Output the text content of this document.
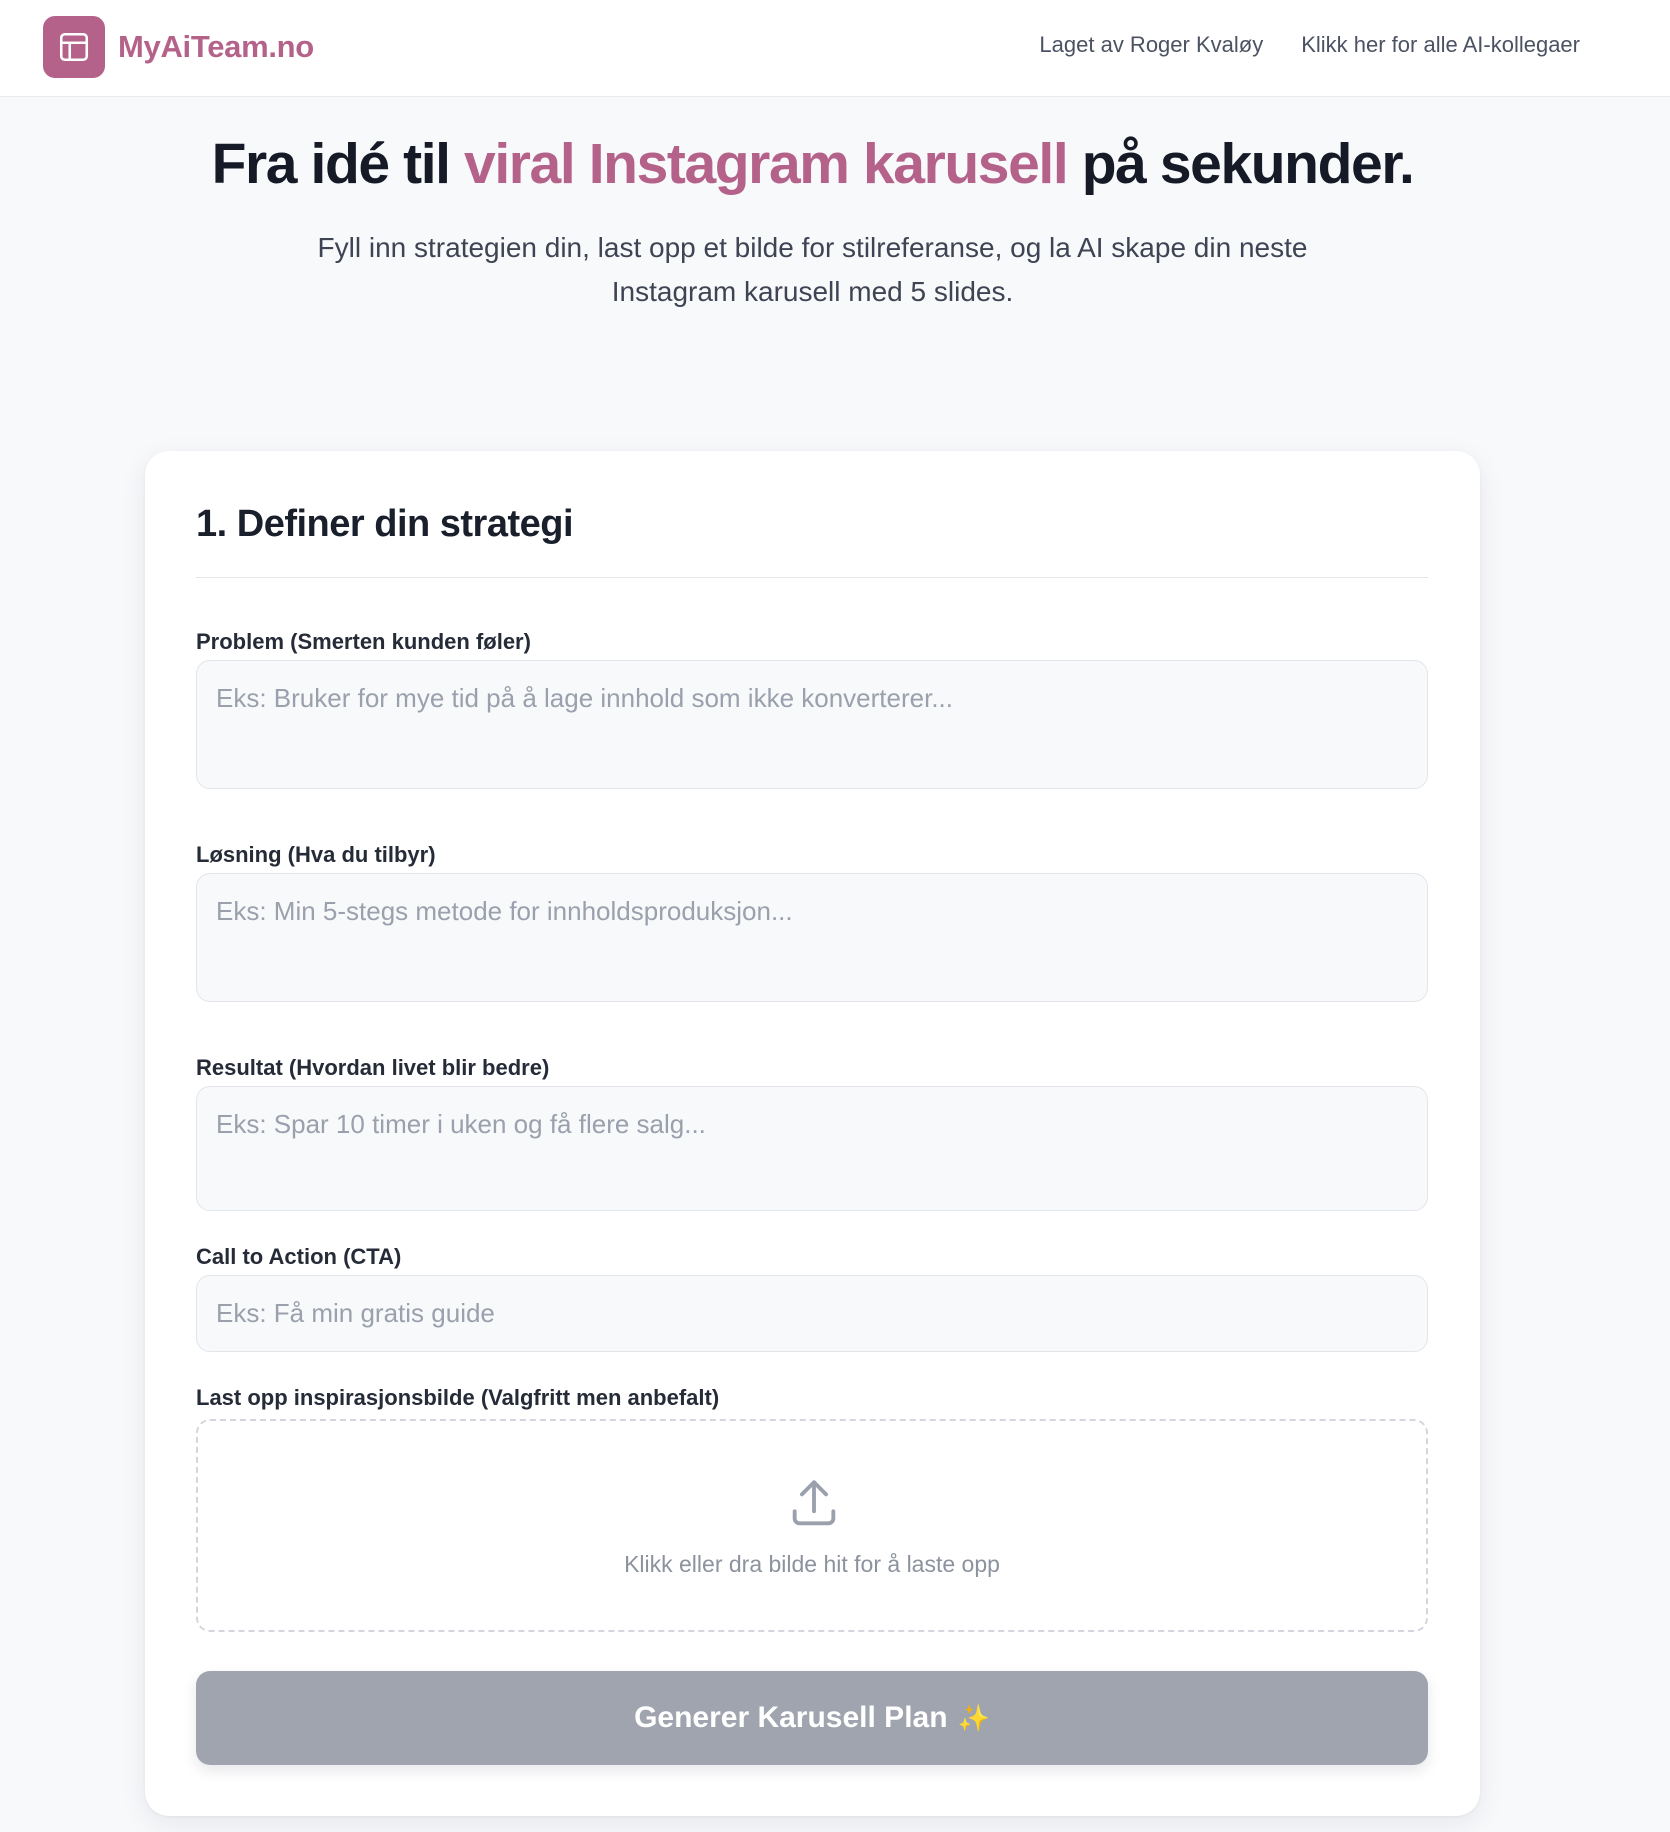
MyAiTeam.no	Laget av Roger Kvaløy Klikk her for alle AI-kollegaer
Fra idé til viral Instagram karusell på sekunder.

Fyll inn strategien din, last opp et bilde for stilreferanse, og la AI skape din neste Instagram karusell med 5 slides.

1. Definer din strategi
Problem (Smerten kunden føler)
Eks: Bruker for mye tid på å lage innhold som ikke konverterer...
Løsning (Hva du tilbyr)
Eks: Min 5-stegs metode for innholdsproduksjon...
Resultat (Hvordan livet blir bedre)
Eks: Spar 10 timer i uken og få flere salg...
Call to Action (CTA)
Eks: Få min gratis guide
Last opp inspirasjonsbilde (Valgfritt men anbefalt)
Klikk eller dra bilde hit for å laste opp
Generer Karusell Plan ✨
